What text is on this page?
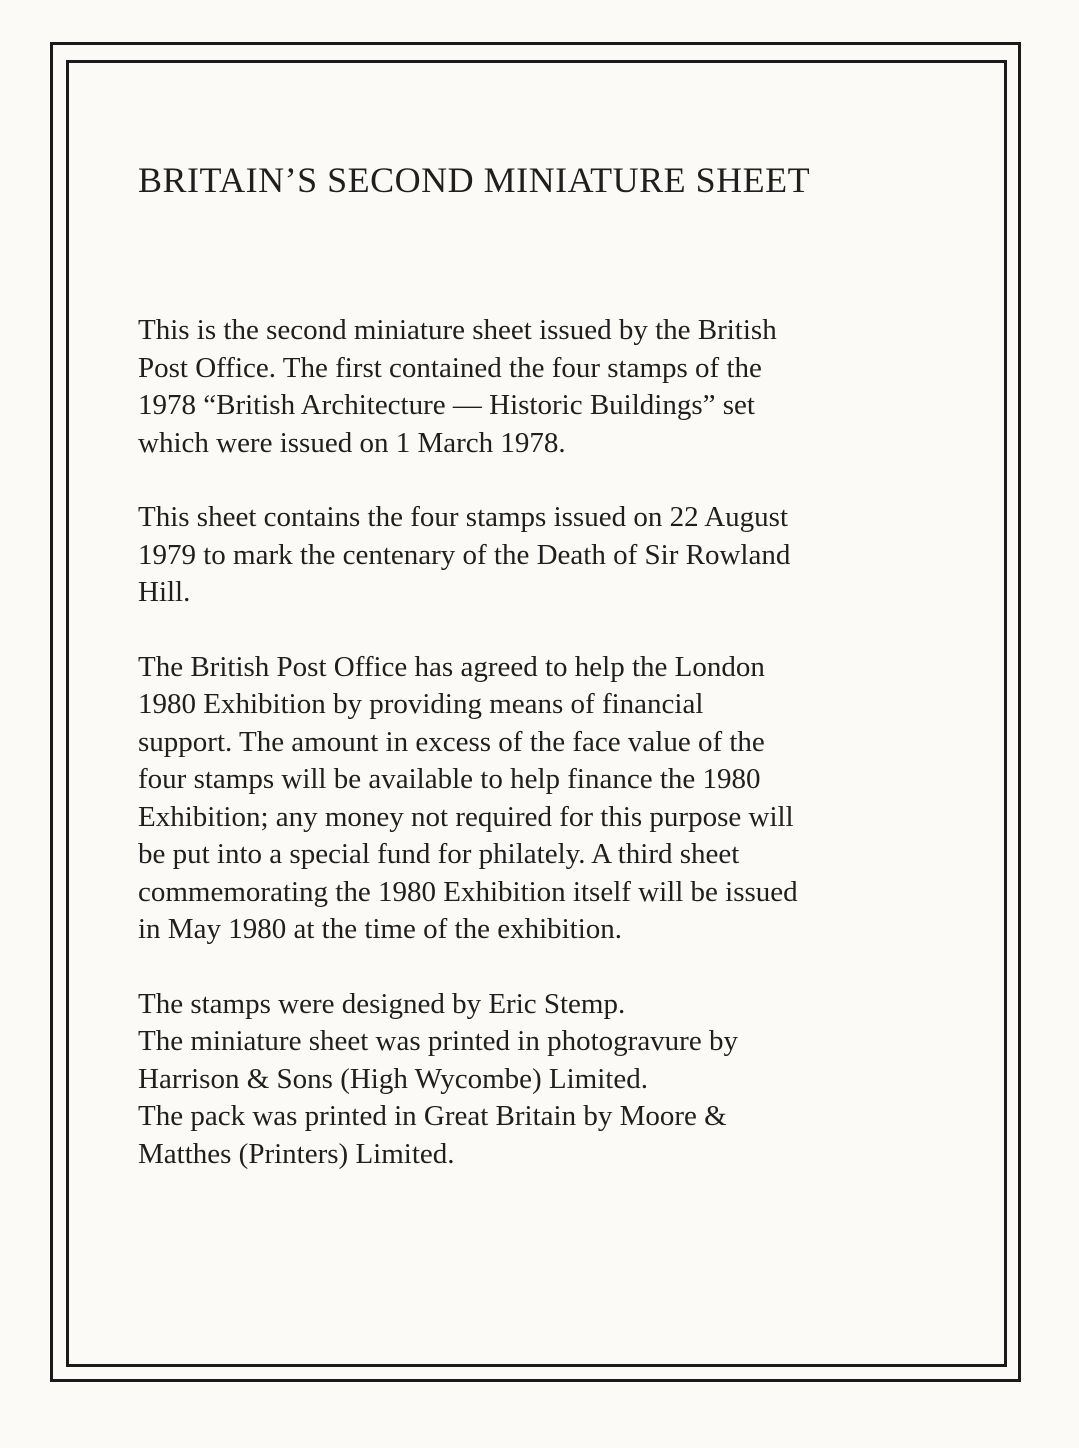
BRITAIN’S SECOND MINIATURE SHEET
This is the second miniature sheet issued by the British
Post Office. The first contained the four stamps of the
1978 “British Architecture — Historic Buildings” set
which were issued on 1 March 1978.
This sheet contains the four stamps issued on 22 August
1979 to mark the centenary of the Death of Sir Rowland
Hill.
The British Post Office has agreed to help the London
1980 Exhibition by providing means of financial
support. The amount in excess of the face value of the
four stamps will be available to help finance the 1980
Exhibition; any money not required for this purpose will
be put into a special fund for philately. A third sheet
commemorating the 1980 Exhibition itself will be issued
in May 1980 at the time of the exhibition.
The stamps were designed by Eric Stemp.
The miniature sheet was printed in photogravure by
Harrison & Sons (High Wycombe) Limited.
The pack was printed in Great Britain by Moore &
Matthes (Printers) Limited.
